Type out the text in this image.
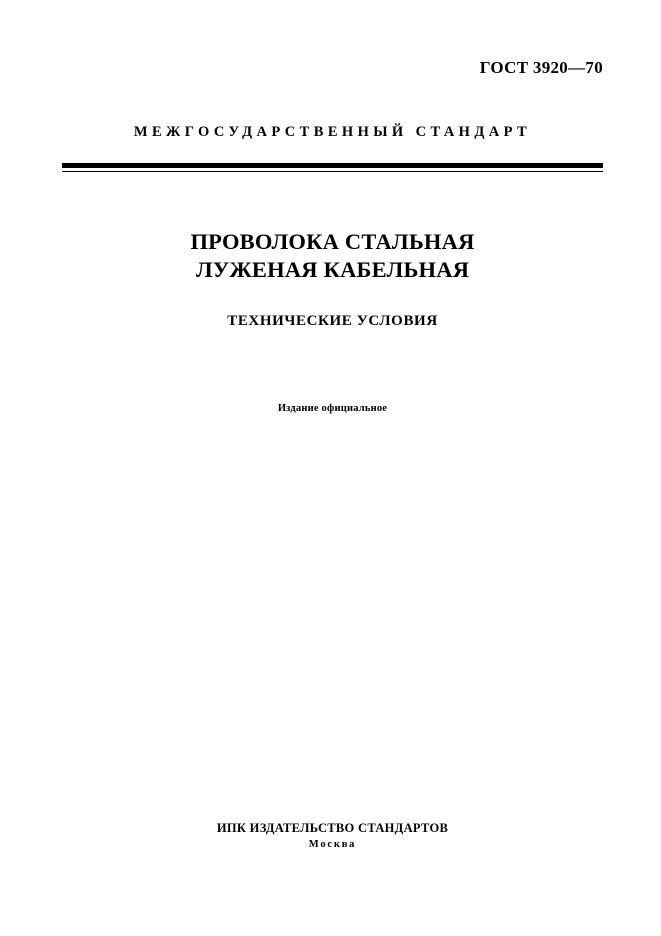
ГОСТ 3920—70
МЕЖГОСУДАРСТВЕННЫЙ СТАНДАРТ
ПРОВОЛОКА СТАЛЬНАЯ
ЛУЖЕНАЯ КАБЕЛЬНАЯ
ТЕХНИЧЕСКИЕ УСЛОВИЯ
Издание официальное
ИПК ИЗДАТЕЛЬСТВО СТАНДАРТОВ
Москва
